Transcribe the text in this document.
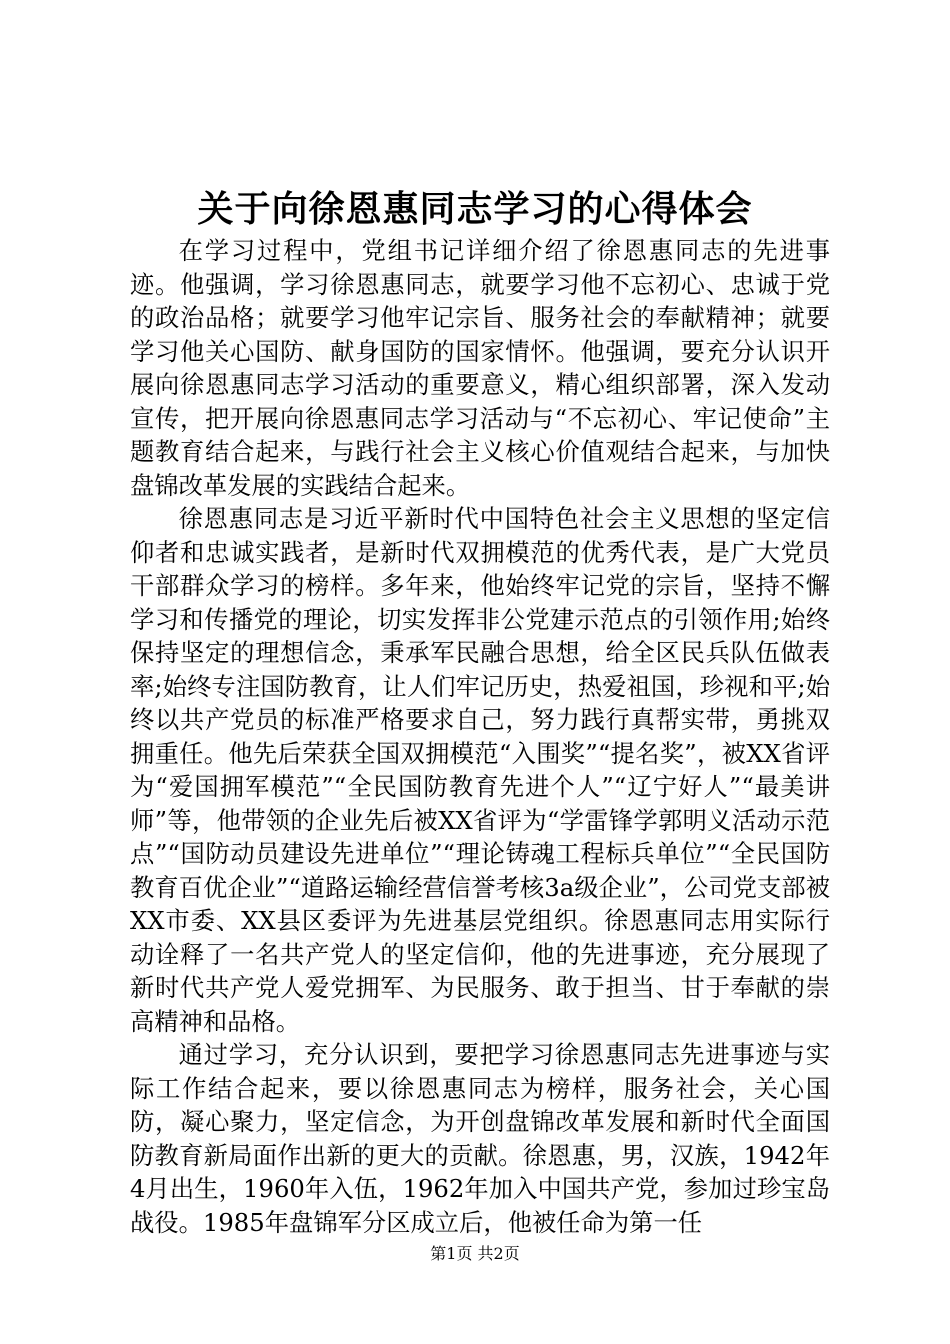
关于向徐恩惠同志学习的心得体会

在学习过程中，党组书记详细介绍了徐恩惠同志的先进事迹。他强调，学习徐恩惠同志，就要学习他不忘初心、忠诚于党的政治品格；就要学习他牢记宗旨、服务社会的奉献精神；就要学习他关心国防、献身国防的国家情怀。他强调，要充分认识开展向徐恩惠同志学习活动的重要意义，精心组织部署，深入发动宣传，把开展向徐恩惠同志学习活动与“不忘初心、牢记使命”主题教育结合起来，与践行社会主义核心价值观结合起来，与加快盘锦改革发展的实践结合起来。

徐恩惠同志是习近平新时代中国特色社会主义思想的坚定信仰者和忠诚实践者，是新时代双拥模范的优秀代表，是广大党员干部群众学习的榜样。多年来，他始终牢记党的宗旨，坚持不懈学习和传播党的理论，切实发挥非公党建示范点的引领作用;始终保持坚定的理想信念，秉承军民融合思想，给全区民兵队伍做表率;始终专注国防教育，让人们牢记历史，热爱祖国，珍视和平;始终以共产党员的标准严格要求自己，努力践行真帮实带，勇挑双拥重任。他先后荣获全国双拥模范“入围奖”“提名奖”，被XX省评为“爱国拥军模范”“全民国防教育先进个人”“辽宁好人”“最美讲师”等，他带领的企业先后被XX省评为“学雷锋学郭明义活动示范点”“国防动员建设先进单位”“理论铸魂工程标兵单位”“全民国防教育百优企业”“道路运输经营信誉考核3a级企业”，公司党支部被XX市委、XX县区委评为先进基层党组织。徐恩惠同志用实际行动诠释了一名共产党人的坚定信仰，他的先进事迹，充分展现了新时代共产党人爱党拥军、为民服务、敢于担当、甘于奉献的崇高精神和品格。

通过学习，充分认识到，要把学习徐恩惠同志先进事迹与实际工作结合起来，要以徐恩惠同志为榜样，服务社会，关心国防，凝心聚力，坚定信念，为开创盘锦改革发展和新时代全面国防教育新局面作出新的更大的贡献。徐恩惠，男，汉族，1942年4月出生，1960年入伍，1962年加入中国共产党，参加过珍宝岛战役。1985年盘锦军分区成立后，他被任命为第一任

第1页 共2页
